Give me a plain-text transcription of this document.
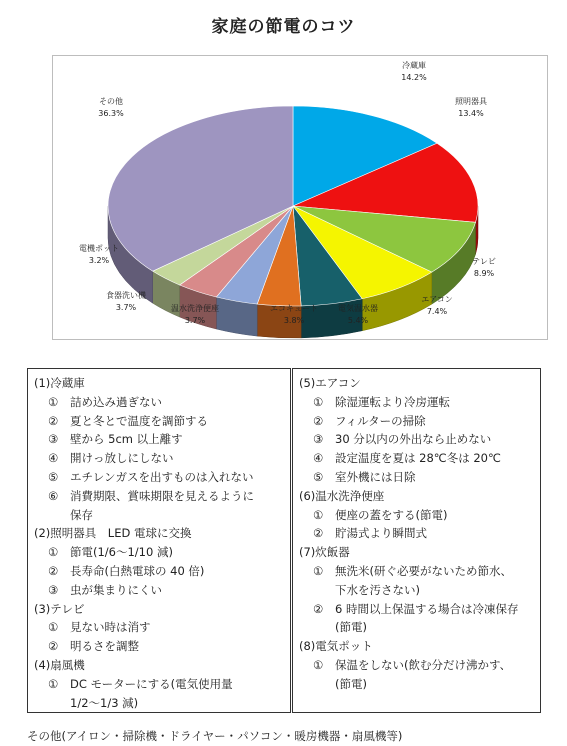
家庭の節電のコツ
冷蔵庫
14.2%
照明器具
13.4%
テレビ
8.9%
エアコン
7.4%
電気温水器
5.4%
エコキュート
3.8%
温水洗浄便座
3.7%
食器洗い機
3.7%
電機ポット
3.2%
その他
36.3%
(1)冷蔵庫
①	詰め込み過ぎない
②	夏と冬とで温度を調節する
③	壁から 5cm 以上離す
④	開けっ放しにしない
⑤	エチレンガスを出すものは入れない
⑥	消費期限、賞味期限を見えるように
保存
(2)照明器具　LED 電球に交換
①	節電(1/6～1/10 減)
②	長寿命(白熱電球の 40 倍)
③	虫が集まりにくい
(3)テレビ
①	見ない時は消す
②	明るさを調整
(4)扇風機
①	DC モーターにする(電気使用量
1/2～1/3 減)
(5)エアコン
①	除湿運転より冷房運転
②	フィルターの掃除
③	30 分以内の外出なら止めない
④	設定温度を夏は 28℃冬は 20℃
⑤	室外機には日除
(6)温水洗浄便座
①	便座の蓋をする(節電)
②	貯湯式より瞬間式
(7)炊飯器
①	無洗米(研ぐ必要がないため節水、
下水を汚さない)
②	6 時間以上保温する場合は冷凍保存
(節電)
(8)電気ポット
①	保温をしない(飲む分だけ沸かす、
(節電)
その他(アイロン・掃除機・ドライヤー・パソコン・暖房機器・扇風機等)
